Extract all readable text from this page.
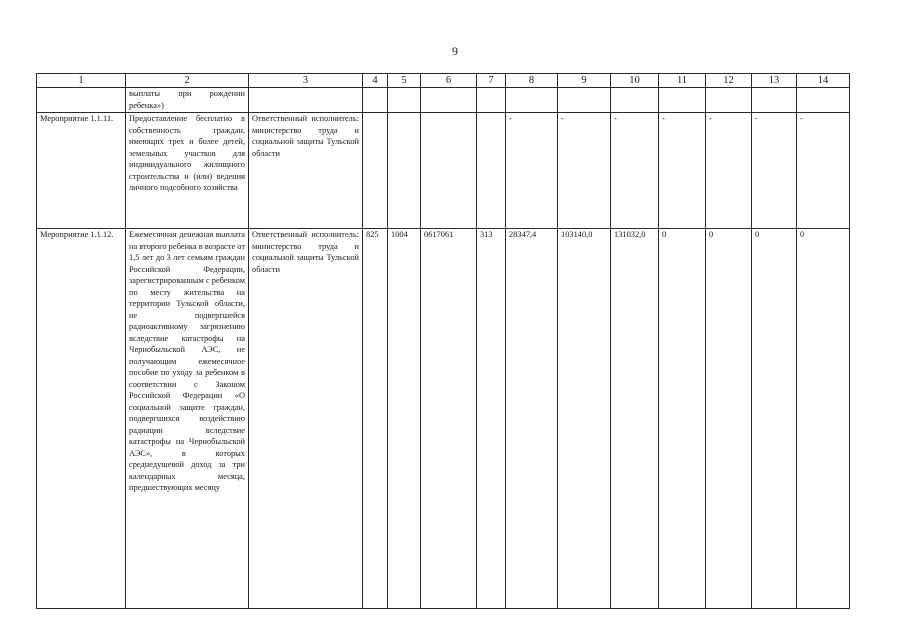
9
1	2	3	4	5	6	7	8	9	10	11	12	13	14
	выплаты при рождении ребенка»)												
Мероприятие 1.1.11.	Предоставление бесплатно в собственность граждан, имеющих трех и более детей, земельных участков для индивидуального жилищного строительства и (или) ведения личного подсобного хозяйства	Ответственный исполнитель: министерство труда и социальной защиты Тульской области					-	-	-	-	-	-	-
Мероприятие 1.1.12.	Ежемесячная денежная выплата на второго ребенка в возрасте от 1,5 лет до 3 лет семьям граждан Российской Федерации, зарегистрированным с ребенком по месту жительства на территории Тульской области, не подвергшейся радиоактивному загрязнению вследствие катастрофы на Чернобыльской АЭС, не получающим ежемесячное пособие по уходу за ребенком в соответствии с Законом Российской Федерации «О социальной защите граждан, подвергшихся воздействию радиации вследствие катастрофы на Чернобыльской АЭС», в которых среднедушевой доход за три календарных месяца, предшествующих месяцу	Ответственный исполнитель: министерство труда и социальной защиты Тульской области	825	1004	0617061	313	28347,4	103140,0	131032,0	0	0	0	0
